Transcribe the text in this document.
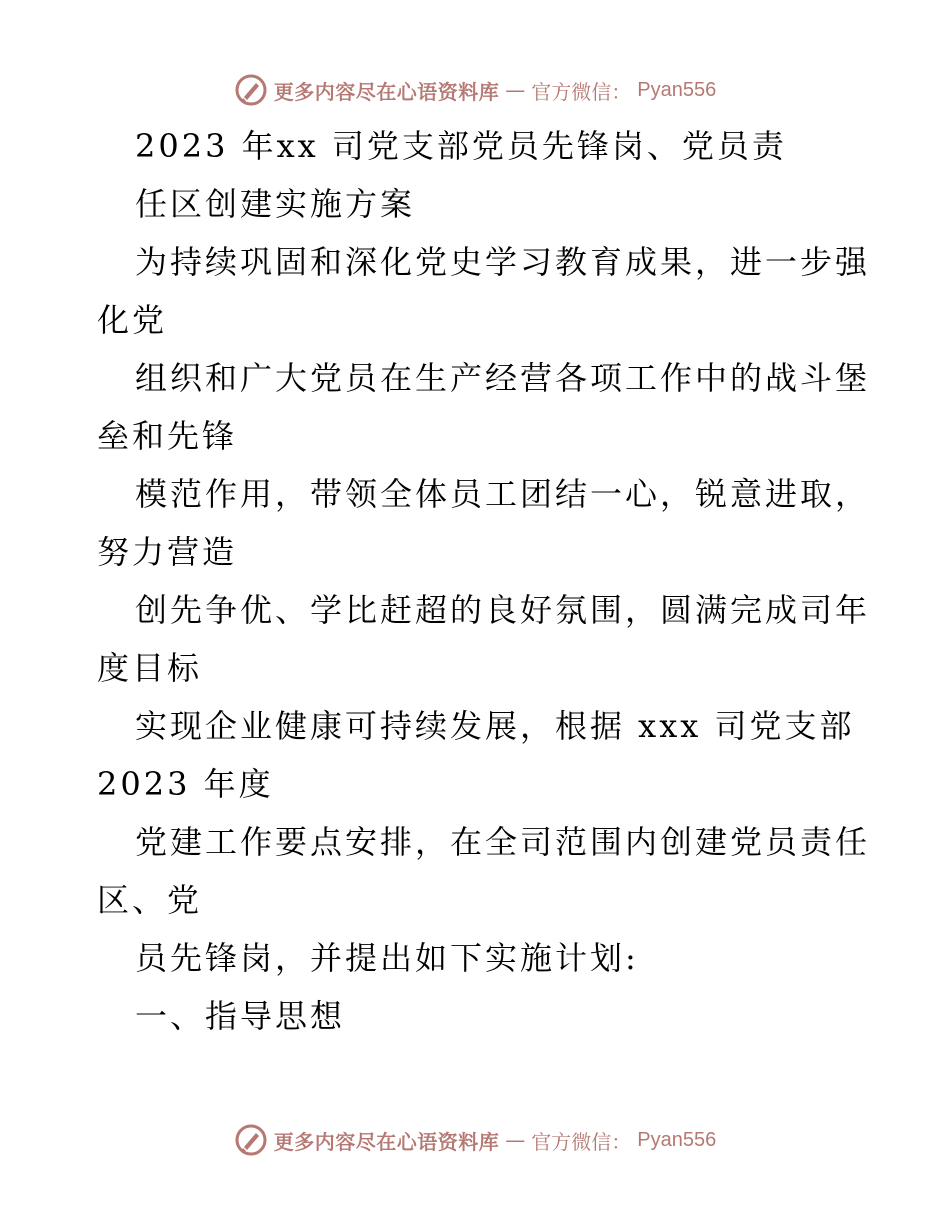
更多内容尽在心语资料库 — 官方微信： Pyan556
2023 年xx 司党支部党员先锋岗、党员责
任区创建实施方案
为持续巩固和深化党史学习教育成果，进一步强
化党
组织和广大党员在生产经营各项工作中的战斗堡
垒和先锋
模范作用，带领全体员工团结一心，锐意进取，
努力营造
创先争优、学比赶超的良好氛围，圆满完成司年
度目标
实现企业健康可持续发展，根据 xxx 司党支部
2023 年度
党建工作要点安排，在全司范围内创建党员责任
区、党
员先锋岗，并提出如下实施计划:
一、指导思想
更多内容尽在心语资料库 — 官方微信： Pyan556
